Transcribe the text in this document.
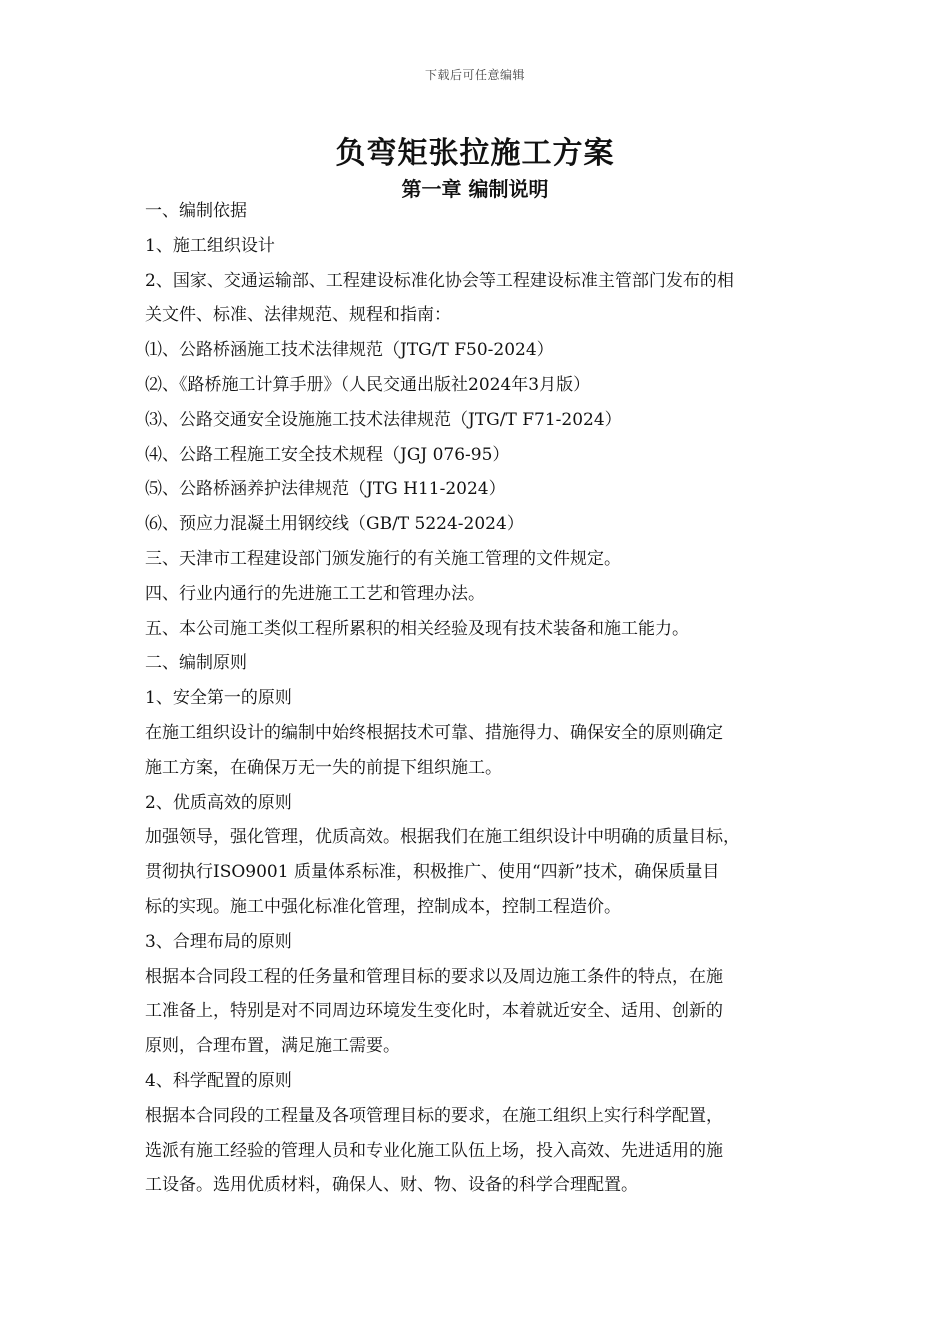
下载后可任意编辑
负弯矩张拉施工方案
第一章 编制说明

一、编制依据

1、施工组织设计

2、国家、交通运输部、工程建设标准化协会等工程建设标准主管部门发布的相

关文件、标准、法律规范、规程和指南：

⑴、公路桥涵施工技术法律规范（JTG/T F50-2024）

⑵、《路桥施工计算手册》（人民交通出版社2024年3月版）

⑶、公路交通安全设施施工技术法律规范（JTG/T F71-2024）

⑷、公路工程施工安全技术规程（JGJ 076-95）

⑸、公路桥涵养护法律规范（JTG H11-2024）

⑹、预应力混凝土用钢绞线（GB/T 5224-2024）

三、天津市工程建设部门颁发施行的有关施工管理的文件规定。

四、行业内通行的先进施工工艺和管理办法。

五、本公司施工类似工程所累积的相关经验及现有技术装备和施工能力。

二、编制原则

1、安全第一的原则

在施工组织设计的编制中始终根据技术可靠、措施得力、确保安全的原则确定

施工方案，在确保万无一失的前提下组织施工。

2、优质高效的原则

加强领导，强化管理，优质高效。根据我们在施工组织设计中明确的质量目标，

贯彻执行ISO9001 质量体系标准，积极推广、使用“四新”技术，确保质量目

标的实现。施工中强化标准化管理，控制成本，控制工程造价。

3、合理布局的原则

根据本合同段工程的任务量和管理目标的要求以及周边施工条件的特点，在施

工准备上，特别是对不同周边环境发生变化时，本着就近安全、适用、创新的

原则，合理布置，满足施工需要。

4、科学配置的原则

根据本合同段的工程量及各项管理目标的要求，在施工组织上实行科学配置，

选派有施工经验的管理人员和专业化施工队伍上场，投入高效、先进适用的施

工设备。选用优质材料，确保人、财、物、设备的科学合理配置。
